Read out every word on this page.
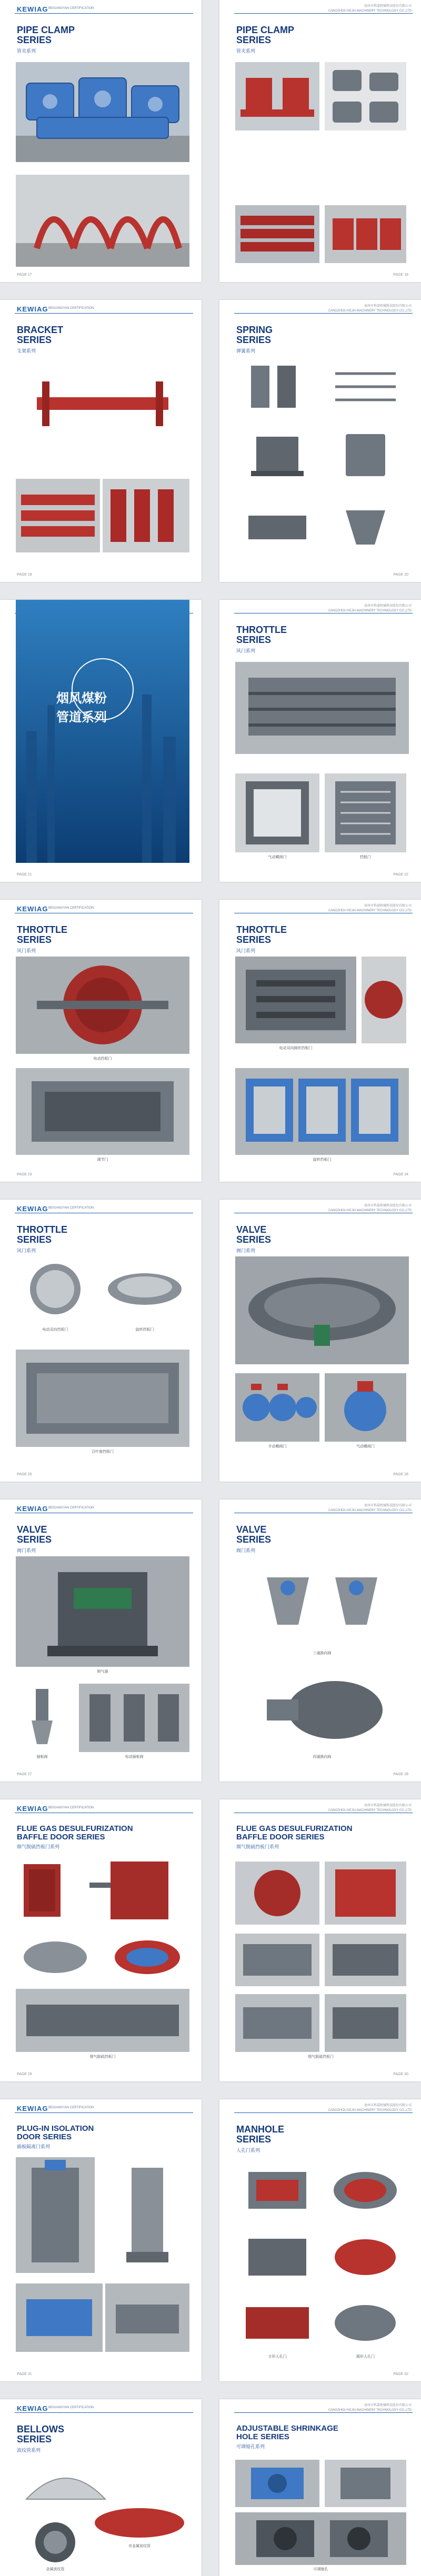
KEWIAG BEIGANGYAN CERTIFICATION
PIPE CLAMP
SERIES
管夹系列
PAGE 17
沧州市科嘉机械科技股份有限公司
CANGZHOU KEJIA MACHINERY TECHNOLOGY CO.,LTD
PIPE CLAMP
SERIES
管夹系列
PAGE 18
KEWIAG BEIGANGYAN CERTIFICATION
BRACKET
SERIES
支架系列
PAGE 19
沧州市科嘉机械科技股份有限公司
CANGZHOU KEJIA MACHINERY TECHNOLOGY CO.,LTD
SPRING
SERIES
弹簧系列
PAGE 20
烟风煤粉
管道系列
PAGE 21
沧州市科嘉机械科技股份有限公司
CANGZHOU KEJIA MACHINERY TECHNOLOGY CO.,LTD
THROTTLE
SERIES
风门系列
气动蝶阀门	挡板门
PAGE 22
KEWIAG BEIGANGYAN CERTIFICATION
THROTTLE
SERIES
风门系列
电动挡板门
调节门
PAGE 23
沧州市科嘉机械科技股份有限公司
CANGZHOU KEJIA MACHINERY TECHNOLOGY CO.,LTD
THROTTLE
SERIES
风门系列
电动双向圆形挡板门
旋转挡板门
PAGE 24
KEWIAG BEIGANGYAN CERTIFICATION
THROTTLE
SERIES
风门系列
电动双向挡板门	旋转挡板门
百叶窗挡板门
PAGE 25
沧州市科嘉机械科技股份有限公司
CANGZHOU KEJIA MACHINERY TECHNOLOGY CO.,LTD
VALVE
SERIES
阀门系列
手动蝶阀门	气动蝶阀门
PAGE 26
KEWIAG BEIGANGYAN CERTIFICATION
VALVE
SERIES
阀门系列
锁气器
插板阀	电动插板阀
PAGE 27
沧州市科嘉机械科技股份有限公司
CANGZHOU KEJIA MACHINERY TECHNOLOGY CO.,LTD
VALVE
SERIES
阀门系列
三通换向阀
四通换向阀
PAGE 28
KEWIAG BEIGANGYAN CERTIFICATION
FLUE GAS DESULFURIZATION
BAFFLE DOOR SERIES
烟气脱硫挡板门系列
烟气脱硫挡板门
PAGE 29
沧州市科嘉机械科技股份有限公司
CANGZHOU KEJIA MACHINERY TECHNOLOGY CO.,LTD
FLUE GAS DESULFURIZATION
BAFFLE DOOR SERIES
烟气脱硫挡板门系列
烟气脱硫挡板门
PAGE 30
KEWIAG BEIGANGYAN CERTIFICATION
PLUG-IN ISOLATION
DOOR SERIES
插板隔离门系列
PAGE 31
沧州市科嘉机械科技股份有限公司
CANGZHOU KEJIA MACHINERY TECHNOLOGY CO.,LTD
MANHOLE
SERIES
人孔门系列
方形人孔门	圆形人孔门
PAGE 32
KEWIAG BEIGANGYAN CERTIFICATION
BELLOWS
SERIES
波纹管系列
非金属波纹管
金属波纹管
沧州市科嘉机械科技股份有限公司
CANGZHOU KEJIA MACHINERY TECHNOLOGY CO.,LTD
ADJUSTABLE SHRINKAGE
HOLE SERIES
可调缩孔系列
可调缩孔
